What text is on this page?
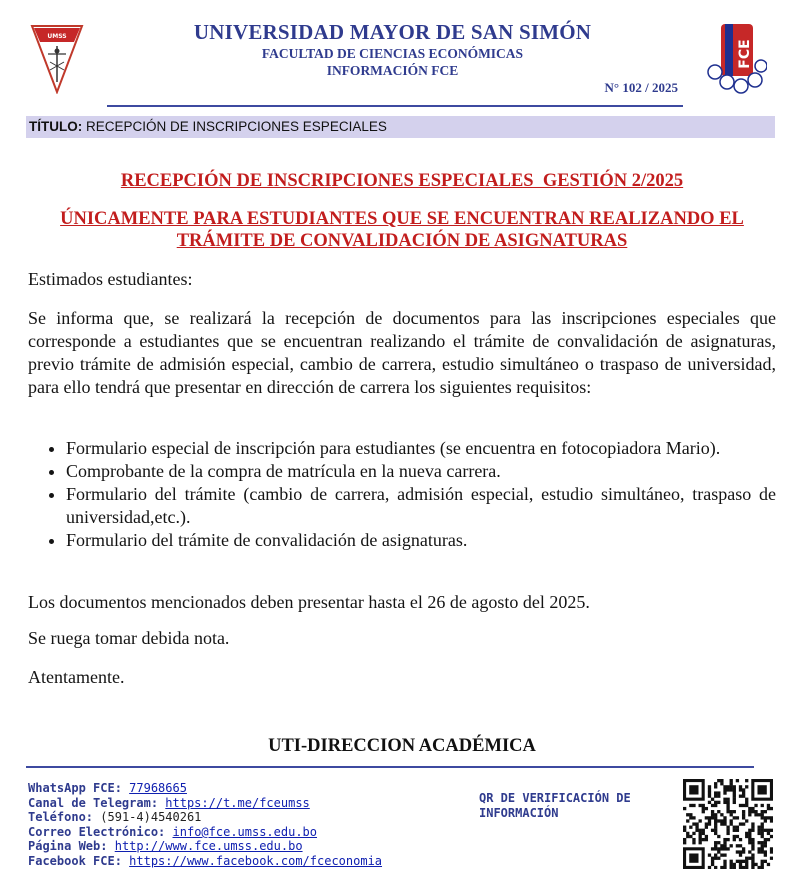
UMSS	UNIVERSIDAD MAYOR DE SAN SIMÓN
FACULTAD DE CIENCIAS ECONÓMICAS
INFORMACIÓN FCE
N° 102 / 2025
FCE
TÍTULO: RECEPCIÓN DE INSCRIPCIONES ESPECIALES
RECEPCIÓN DE INSCRIPCIONES ESPECIALES  GESTIÓN 2/2025
ÚNICAMENTE PARA ESTUDIANTES QUE SE ENCUENTRAN REALIZANDO EL TRÁMITE DE CONVALIDACIÓN DE ASIGNATURAS
Estimados estudiantes:
Se informa que, se realizará la recepción de documentos para las inscripciones especiales que corresponde a estudiantes que se encuentran realizando el trámite de convalidación de asignaturas, previo trámite de admisión especial, cambio de carrera, estudio simultáneo o traspaso de universidad, para ello tendrá que presentar en dirección de carrera los siguientes requisitos:
• Formulario especial de inscripción para estudiantes (se encuentra en fotocopiadora Mario).
• Comprobante de la compra de matrícula en la nueva carrera.
• Formulario del trámite (cambio de carrera, admisión especial, estudio simultáneo, traspaso de universidad,etc.).
• Formulario del trámite de convalidación de asignaturas.
Los documentos mencionados deben presentar hasta el 26 de agosto del 2025.
Se ruega tomar debida nota.
Atentamente.
UTI-DIRECCION ACADÉMICA
WhatsApp FCE: 77968665
Canal de Telegram: https://t.me/fceumss
Teléfono: (591-4)4540261
Correo Electrónico: info@fce.umss.edu.bo
Página Web: http://www.fce.umss.edu.bo
Facebook FCE: https://www.facebook.com/fceconomia
QR DE VERIFICACIÓN DE INFORMACIÓN
